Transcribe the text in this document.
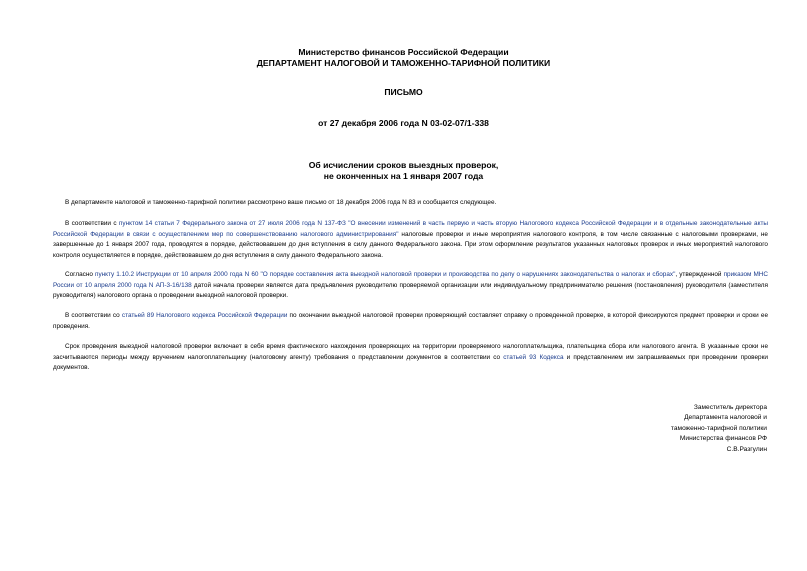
Министерство финансов Российской Федерации
ДЕПАРТАМЕНТ НАЛОГОВОЙ И ТАМОЖЕННО-ТАРИФНОЙ ПОЛИТИКИ
ПИСЬМО
от 27 декабря 2006 года N 03-02-07/1-338
Об исчислении сроков выездных проверок,
не оконченных на 1 января 2007 года

В департаменте налоговой и таможенно-тарифной политики рассмотрено ваше письмо от 18 декабря 2006 года N 83 и сообщается следующее.

В соответствии с пунктом 14 статьи 7 Федерального закона от 27 июля 2006 года N 137-ФЗ "О внесении изменений в часть первую и часть вторую Налогового кодекса Российской Федерации и в отдельные законодательные акты Российской Федерации в связи с осуществлением мер по совершенствованию налогового администрирования" налоговые проверки и иные мероприятия налогового контроля, в том числе связанные с налоговыми проверками, не завершенные до 1 января 2007 года, проводятся в порядке, действовавшем до дня вступления в силу данного Федерального закона. При этом оформление результатов указанных налоговых проверок и иных мероприятий налогового контроля осуществляется в порядке, действовавшем до дня вступления в силу данного Федерального закона.

Согласно пункту 1.10.2 Инструкции от 10 апреля 2000 года N 60 "О порядке составления акта выездной налоговой проверки и производства по делу о нарушениях законодательства о налогах и сборах", утвержденной приказом МНС России от 10 апреля 2000 года N АП-3-16/138 датой начала проверки является дата предъявления руководителю проверяемой организации или индивидуальному предпринимателю решения (постановления) руководителя (заместителя руководителя) налогового органа о проведении выездной налоговой проверки.

В соответствии со статьей 89 Налогового кодекса Российской Федерации по окончании выездной налоговой проверки проверяющий составляет справку о проведенной проверке, в которой фиксируются предмет проверки и сроки ее проведения.

Срок проведения выездной налоговой проверки включает в себя время фактического нахождения проверяющих на территории проверяемого налогоплательщика, плательщика сбора или налогового агента. В указанные сроки не засчитываются периоды между вручением налогоплательщику (налоговому агенту) требования о представлении документов в соответствии со статьей 93 Кодекса и представлением им запрашиваемых при проведении проверки документов.

Заместитель директора
Департамента налоговой и
таможенно-тарифной политики
Министерства финансов РФ
С.В.Разгулин
